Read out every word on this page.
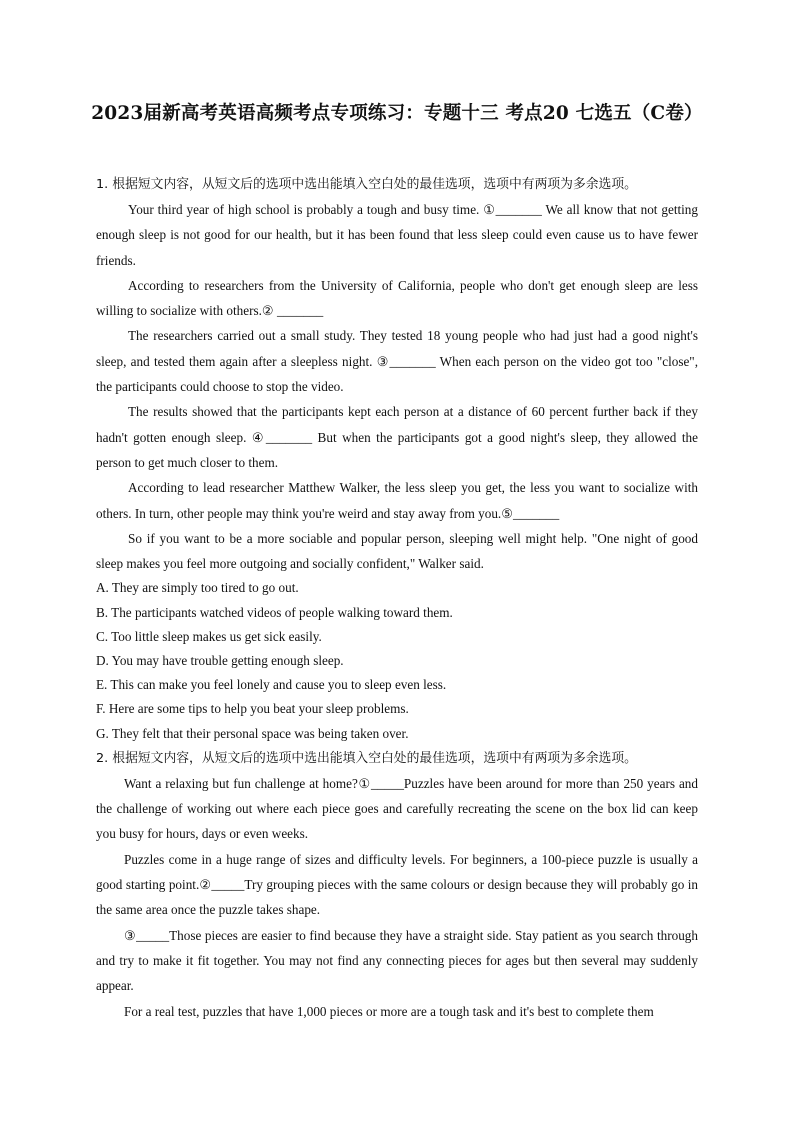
2023届新高考英语高频考点专项练习：专题十三 考点20 七选五（C卷）

1. 根据短文内容，从短文后的选项中选出能填入空白处的最佳选项，选项中有两项为多余选项。

Your third year of high school is probably a tough and busy time. ①_______ We all know that not getting enough sleep is not good for our health, but it has been found that less sleep could even cause us to have fewer friends.

According to researchers from the University of California, people who don't get enough sleep are less willing to socialize with others.② _______

The researchers carried out a small study. They tested 18 young people who had just had a good night's sleep, and tested them again after a sleepless night. ③_______ When each person on the video got too "close", the participants could choose to stop the video.

The results showed that the participants kept each person at a distance of 60 percent further back if they hadn't gotten enough sleep. ④_______ But when the participants got a good night's sleep, they allowed the person to get much closer to them.

According to lead researcher Matthew Walker, the less sleep you get, the less you want to socialize with others. In turn, other people may think you're weird and stay away from you.⑤_______

So if you want to be a more sociable and popular person, sleeping well might help. "One night of good sleep makes you feel more outgoing and socially confident," Walker said.

A. They are simply too tired to go out.

B. The participants watched videos of people walking toward them.

C. Too little sleep makes us get sick easily.

D. You may have trouble getting enough sleep.

E. This can make you feel lonely and cause you to sleep even less.

F. Here are some tips to help you beat your sleep problems.

G. They felt that their personal space was being taken over.

2. 根据短文内容，从短文后的选项中选出能填入空白处的最佳选项，选项中有两项为多余选项。

Want a relaxing but fun challenge at home?①_____Puzzles have been around for more than 250 years and the challenge of working out where each piece goes and carefully recreating the scene on the box lid can keep you busy for hours, days or even weeks.

Puzzles come in a huge range of sizes and difficulty levels. For beginners, a 100-piece puzzle is usually a good starting point.②_____Try grouping pieces with the same colours or design because they will probably go in the same area once the puzzle takes shape.

③_____Those pieces are easier to find because they have a straight side. Stay patient as you search through and try to make it fit together. You may not find any connecting pieces for ages but then several may suddenly appear.

For a real test, puzzles that have 1,000 pieces or more are a tough task and it's best to complete them
